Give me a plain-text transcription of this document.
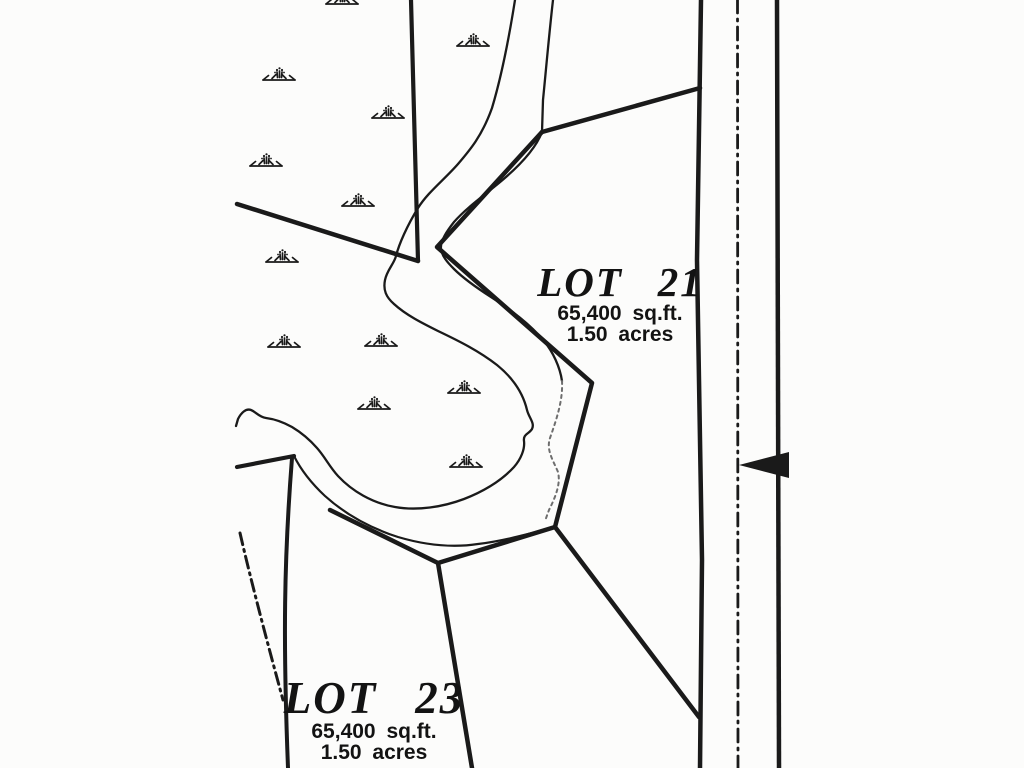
LOT 21
65,400 sq.ft.
1.50 acres
LOT 23
65,400 sq.ft.
1.50 acres
